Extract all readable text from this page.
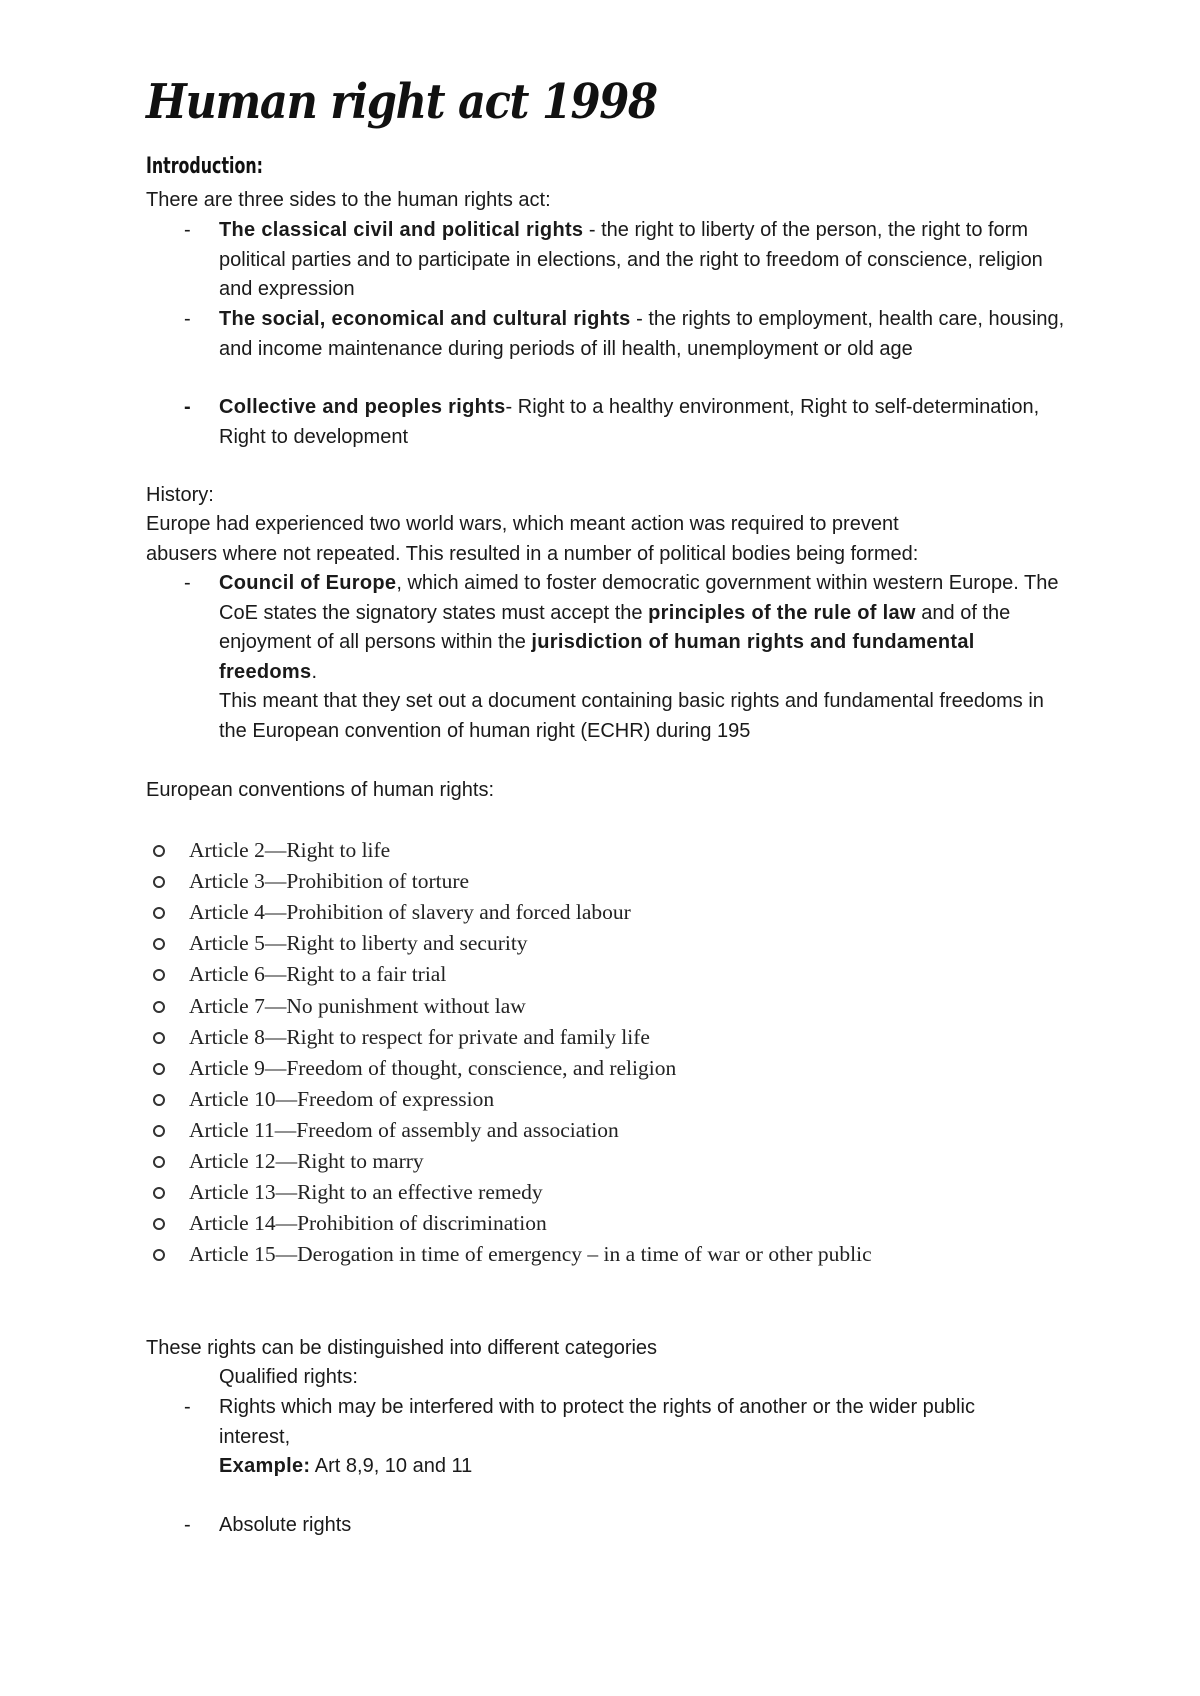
Human right act 1998
Introduction:
There are three sides to the human rights act:
-	The classical civil and political rights - the right to liberty of the person, the right to form political parties and to participate in elections, and the right to freedom of conscience, religion and expression
-	The social, economical and cultural rights - the rights to employment, health care, housing, and income maintenance during periods of ill health, unemployment or old age
-	Collective and peoples rights- Right to a healthy environment, Right to self-determination, Right to development
History:
Europe had experienced two world wars, which meant action was required to prevent
abusers where not repeated. This resulted in a number of political bodies being formed:
-	Council of Europe, which aimed to foster democratic government within western Europe. The CoE states the signatory states must accept the principles of the rule of law and of the enjoyment of all persons within the jurisdiction of human rights and fundamental freedoms.
This meant that they set out a document containing basic rights and fundamental freedoms in the European convention of human right (ECHR) during 195
European conventions of human rights:
Article 2—Right to life
Article 3—Prohibition of torture
Article 4—Prohibition of slavery and forced labour
Article 5—Right to liberty and security
Article 6—Right to a fair trial
Article 7—No punishment without law
Article 8—Right to respect for private and family life
Article 9—Freedom of thought, conscience, and religion
Article 10—Freedom of expression
Article 11—Freedom of assembly and association
Article 12—Right to marry
Article 13—Right to an effective remedy
Article 14—Prohibition of discrimination
Article 15—Derogation in time of emergency – in a time of war or other public
These rights can be distinguished into different categories
Qualified rights:
-	Rights which may be interfered with to protect the rights of another or the wider public interest,
Example: Art 8,9, 10 and 11
-	Absolute rights
